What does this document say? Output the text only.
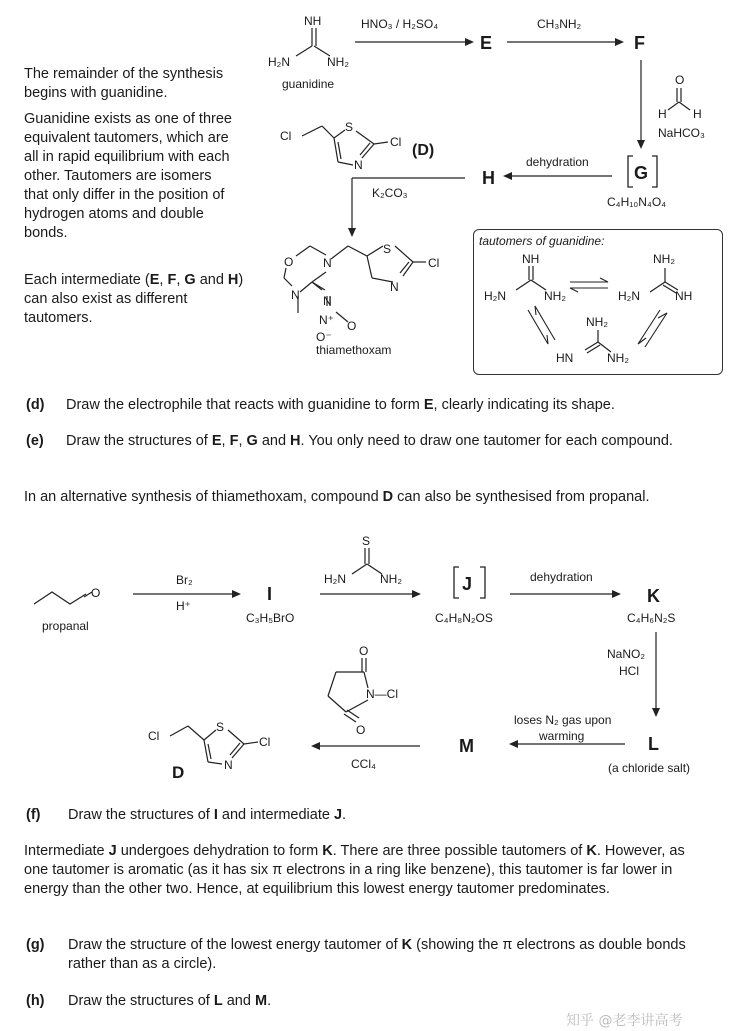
The remainder of the synthesis begins with guanidine.
Guanidine exists as one of three equivalent tautomers, which are all in rapid equilibrium with each other. Tautomers are isomers that only differ in the position of hydrogen atoms and double bonds.
Each intermediate (E, F, G and H) can also exist as different tautomers.
NH
H₂N	NH₂
guanidine
HNO₃ / H₂SO₄
E
CH₃NH₂
F
O
H H
NaHCO₃
G
C₄H₁₀N₄O₄
dehydration
H
Cl
S
Cl
N
(D)
K₂CO₃
O N
N N
N⁺
O⁻
O
S
Cl
N
thiamethoxam
tautomers of guanidine:
NH
H₂N	NH₂
NH₂
H₂N	NH
NH₂
HN	NH₂
(d) Draw the electrophile that reacts with guanidine to form E, clearly indicating its shape.
(e) Draw the structures of E, F, G and H. You only need to draw one tautomer for each compound.
In an alternative synthesis of thiamethoxam, compound D can also be synthesised from propanal.
O
propanal
Br₂
H⁺
I
C₃H₅BrO
S
H₂N	NH₂	J
C₄H₈N₂OS
dehydration
K
C₄H₆N₂S
NaNO₂
HCl
L
(a chloride salt)
loses N₂ gas upon
warming
M
O
O
N—Cl
CCl₄
Cl
S
Cl
N
D
(f) Draw the structures of I and intermediate J.
Intermediate J undergoes dehydration to form K. There are three possible tautomers of K. However, as one tautomer is aromatic (as it has six π electrons in a ring like benzene), this tautomer is far lower in energy than the other two. Hence, at equilibrium this lowest energy tautomer predominates.
(g) Draw the structure of the lowest energy tautomer of K (showing the π electrons as double bonds rather than as a circle).
(h) Draw the structures of L and M.
知乎 @老李讲高考
